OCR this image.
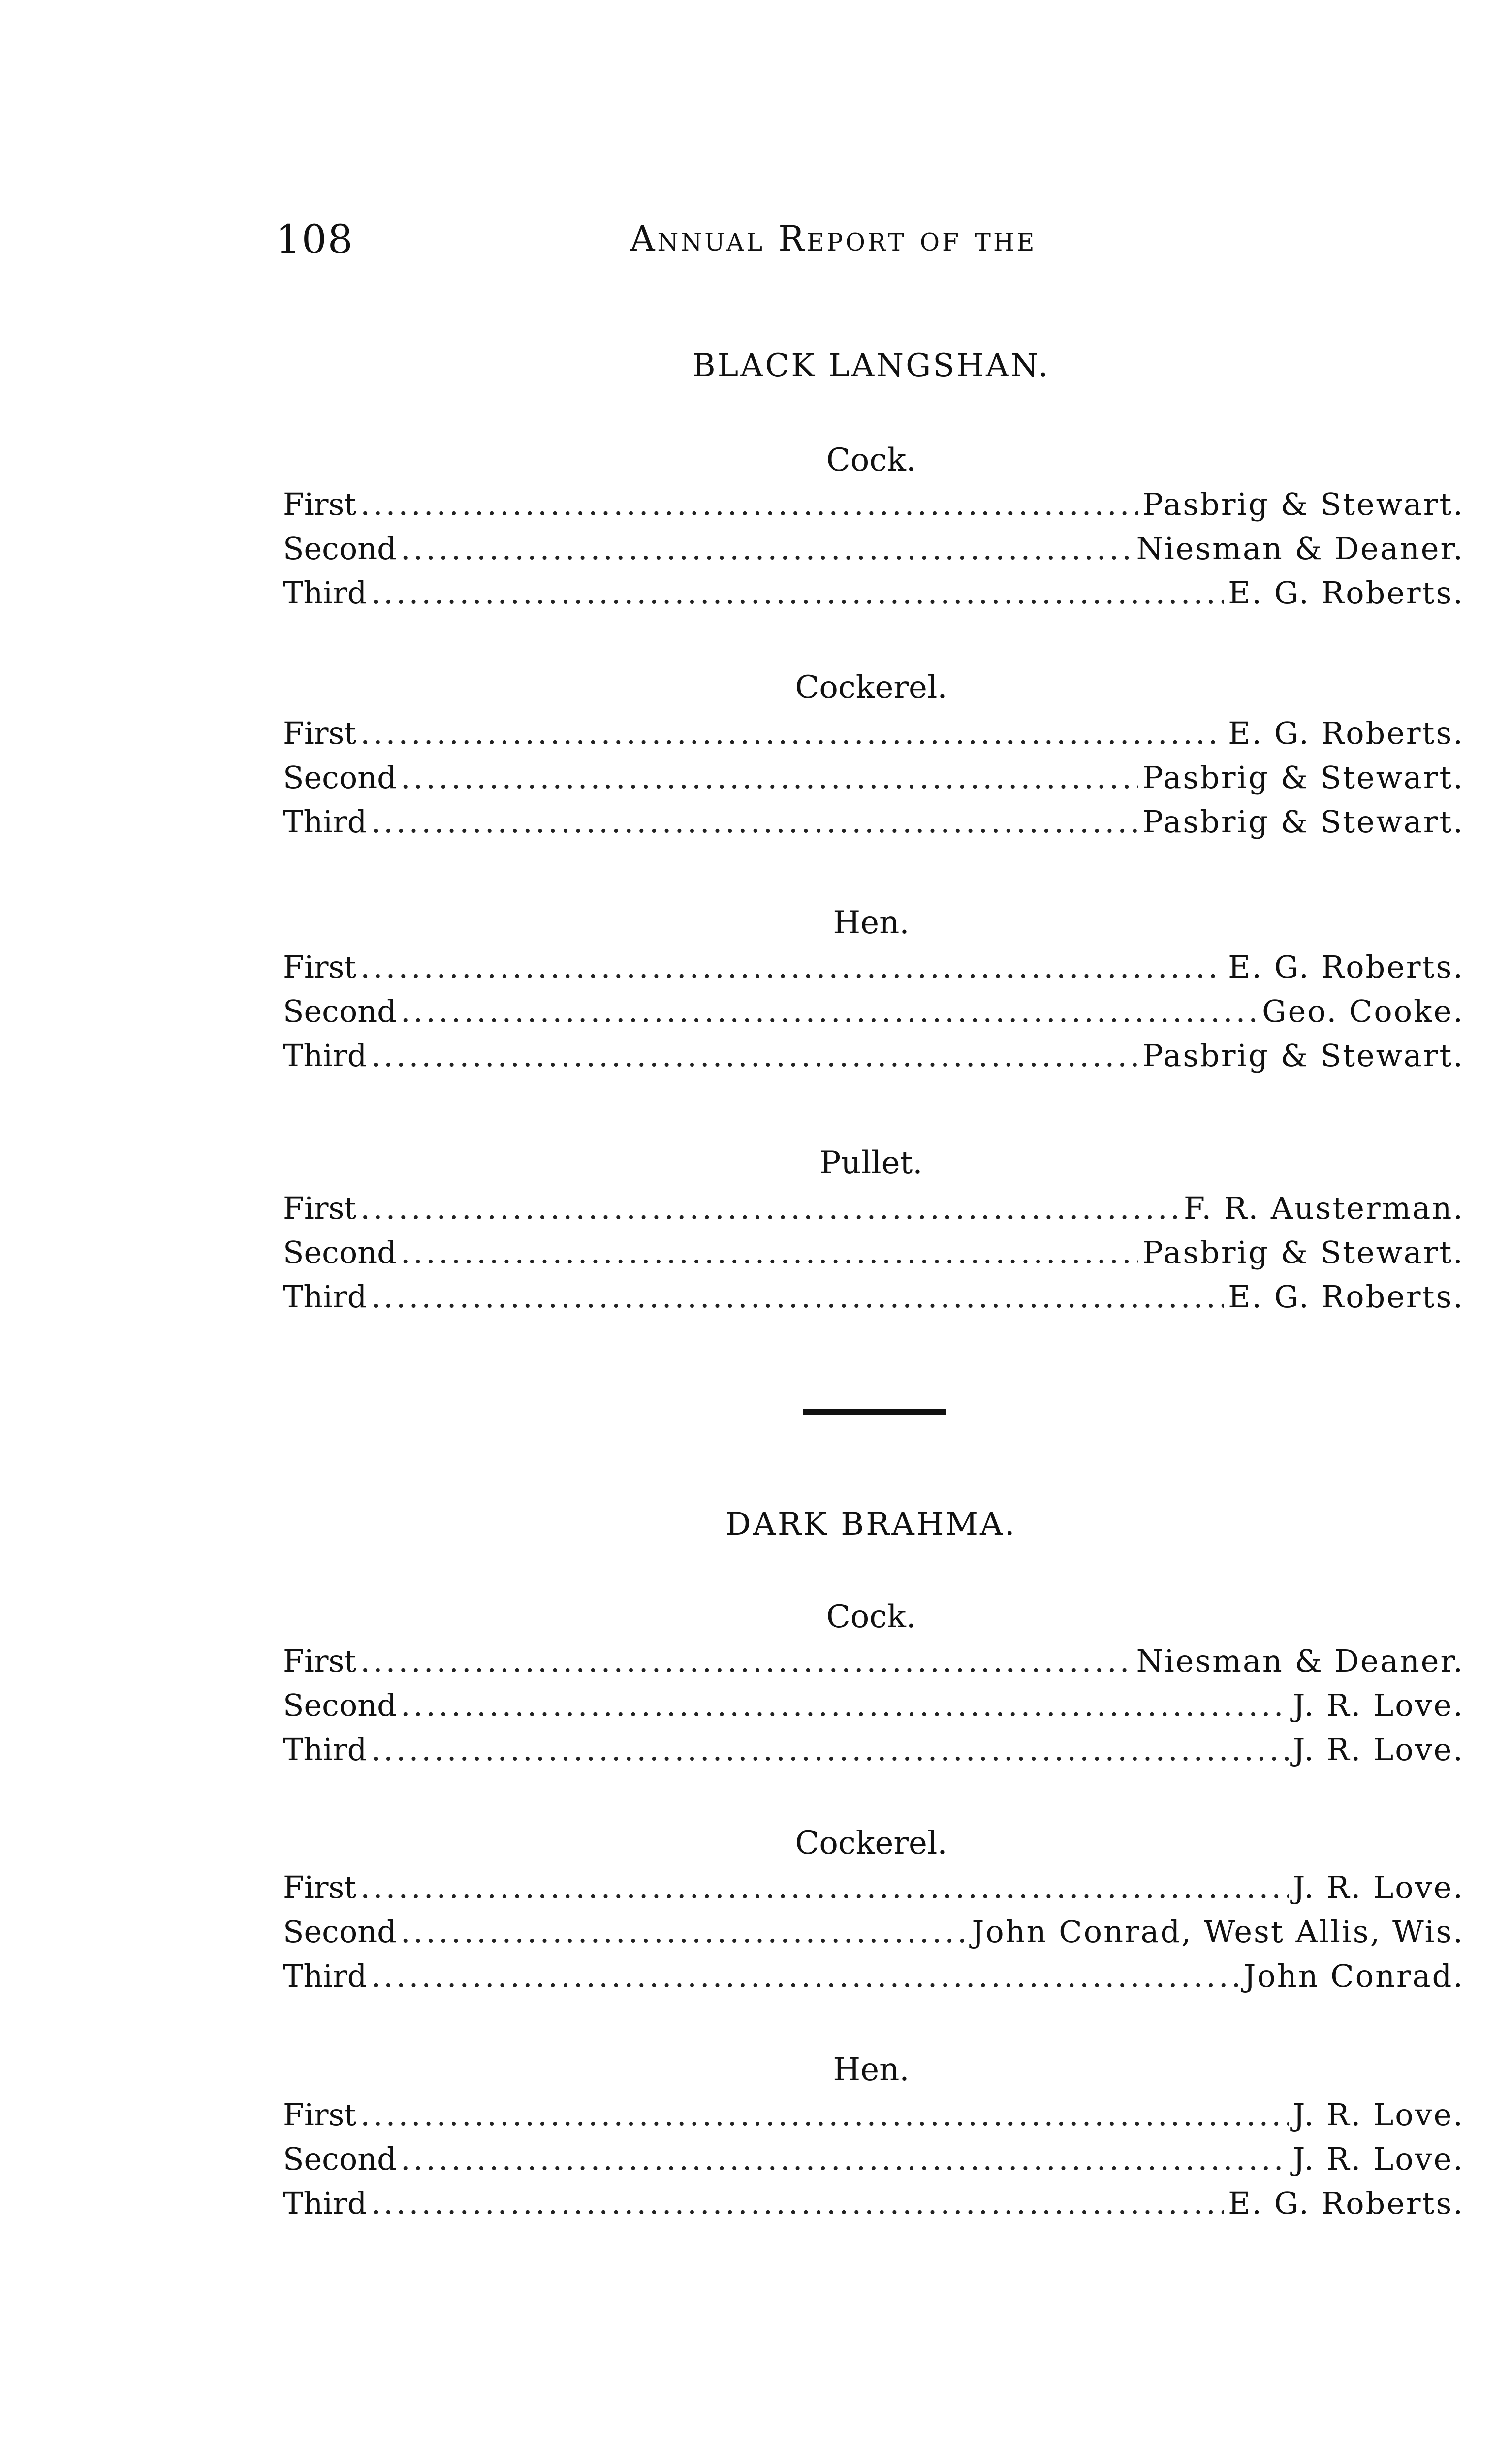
108	Annual Report of the
BLACK LANGSHAN.
Cock.
First .....	Pasbrig & Stewart.
Second .....	Niesman & Deaner.
Third .....	E. G. Roberts.
Cockerel.
First .....	E. G. Roberts.
Second .....	Pasbrig & Stewart.
Third .....	Pasbrig & Stewart.
Hen.
First .....	E. G. Roberts.
Second .....	Geo. Cooke.
Third .....	Pasbrig & Stewart.
Pullet.
First .....	F. R. Austerman.
Second .....	Pasbrig & Stewart.
Third .....	E. G. Roberts.
DARK BRAHMA.
Cock.
First .....	Niesman & Deaner.
Second .....	J. R. Love.
Third .....	J. R. Love.
Cockerel.
First .....	J. R. Love.
Second .....	John Conrad, West Allis, Wis.
Third .....	John Conrad.
Hen.
First .....	J. R. Love.
Second .....	J. R. Love.
Third .....	E. G. Roberts.
